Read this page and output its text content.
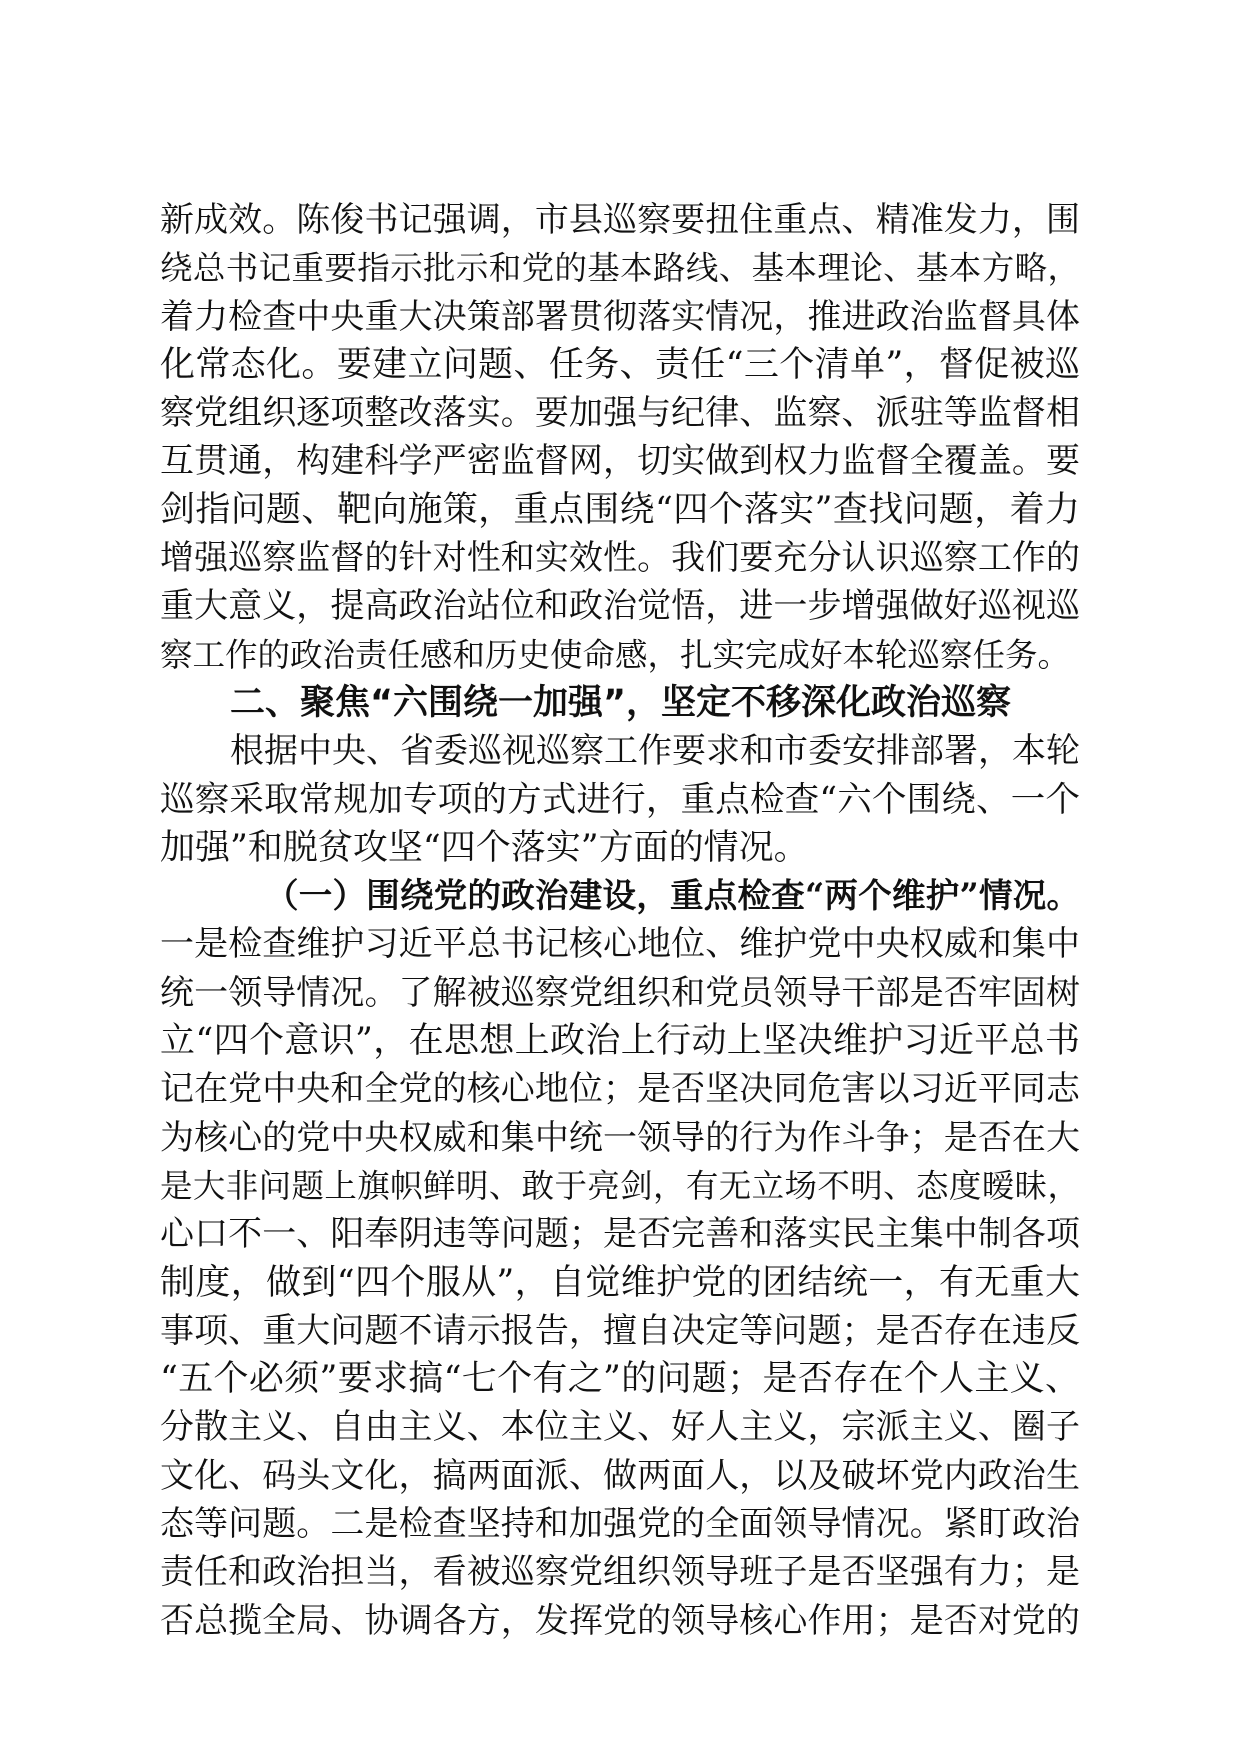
新成效。陈俊书记强调，市县巡察要扭住重点、精准发力，围
绕总书记重要指示批示和党的基本路线、基本理论、基本方略，
着力检查中央重大决策部署贯彻落实情况，推进政治监督具体
化常态化。要建立问题、任务、责任“三个清单”，督促被巡
察党组织逐项整改落实。要加强与纪律、监察、派驻等监督相
互贯通，构建科学严密监督网，切实做到权力监督全覆盖。要
剑指问题、靶向施策，重点围绕“四个落实”查找问题，着力
增强巡察监督的针对性和实效性。我们要充分认识巡察工作的
重大意义，提高政治站位和政治觉悟，进一步增强做好巡视巡
察工作的政治责任感和历史使命感，扎实完成好本轮巡察任务。
二、聚焦“六围绕一加强”，坚定不移深化政治巡察
根据中央、省委巡视巡察工作要求和市委安排部署，本轮
巡察采取常规加专项的方式进行，重点检查“六个围绕、一个
加强”和脱贫攻坚“四个落实”方面的情况。
（一）围绕党的政治建设，重点检查“两个维护”情况。
一是检查维护习近平总书记核心地位、维护党中央权威和集中
统一领导情况。了解被巡察党组织和党员领导干部是否牢固树
立“四个意识”，在思想上政治上行动上坚决维护习近平总书
记在党中央和全党的核心地位；是否坚决同危害以习近平同志
为核心的党中央权威和集中统一领导的行为作斗争；是否在大
是大非问题上旗帜鲜明、敢于亮剑，有无立场不明、态度暧昧，
心口不一、阳奉阴违等问题；是否完善和落实民主集中制各项
制度，做到“四个服从”，自觉维护党的团结统一，有无重大
事项、重大问题不请示报告，擅自决定等问题；是否存在违反
“五个必须”要求搞“七个有之”的问题；是否存在个人主义、
分散主义、自由主义、本位主义、好人主义，宗派主义、圈子
文化、码头文化，搞两面派、做两面人，以及破坏党内政治生
态等问题。二是检查坚持和加强党的全面领导情况。紧盯政治
责任和政治担当，看被巡察党组织领导班子是否坚强有力；是
否总揽全局、协调各方，发挥党的领导核心作用；是否对党的
